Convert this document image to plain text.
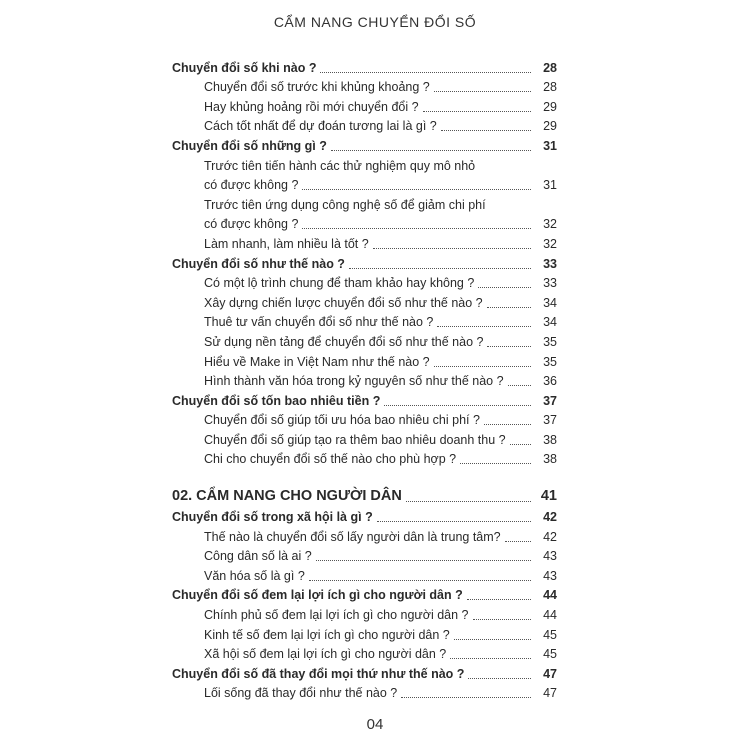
CẨM NANG CHUYỂN ĐỔI SỐ
Chuyển đổi số khi nào ?	28
Chuyển đổi số trước khi khủng khoảng ?	28
Hay khủng hoảng rồi mới chuyển đổi ?	29
Cách tốt nhất để dự đoán tương lai là gì ?	29
Chuyển đổi số những gì ?	31
Trước tiên tiến hành các thử nghiệm quy mô nhỏ
có được không ?	31
Trước tiên ứng dụng công nghệ số để giảm chi phí
có được không ?	32
Làm nhanh, làm nhiều là tốt ?	32
Chuyển đổi số như thế nào ?	33
Có một lộ trình chung để tham khảo hay không ?	33
Xây dựng chiến lược chuyển đổi số như thế nào ?	34
Thuê tư vấn chuyển đổi số như thế nào ?	34
Sử dụng nền tảng để chuyển đổi số như thế nào ?	35
Hiểu về Make in Việt Nam như thế nào ?	35
Hình thành văn hóa trong kỷ nguyên số như thế nào ?	36
Chuyển đổi số tốn bao nhiêu tiền ?	37
Chuyển đổi số giúp tối ưu hóa bao nhiêu chi phí ?	37
Chuyển đổi số giúp tạo ra thêm bao nhiêu doanh thu ?	38
Chi cho chuyển đổi số thế nào cho phù hợp ?	38
02. CẨM NANG CHO NGƯỜI DÂN	41
Chuyển đổi số trong xã hội là gì ?	42
Thế nào là chuyển đổi số lấy người dân là trung tâm?	42
Công dân số là ai ?	43
Văn hóa số là gì ?	43
Chuyển đổi số đem lại lợi ích gì cho người dân ?	44
Chính phủ số đem lại lợi ích gì cho người dân ?	44
Kinh tế số đem lại lợi ích gì cho người dân ?	45
Xã hội số đem lại lợi ích gì cho người dân ?	45
Chuyển đổi số đã thay đổi mọi thứ như thế nào ?	47
Lối sống đã thay đổi như thế nào ?	47
04
